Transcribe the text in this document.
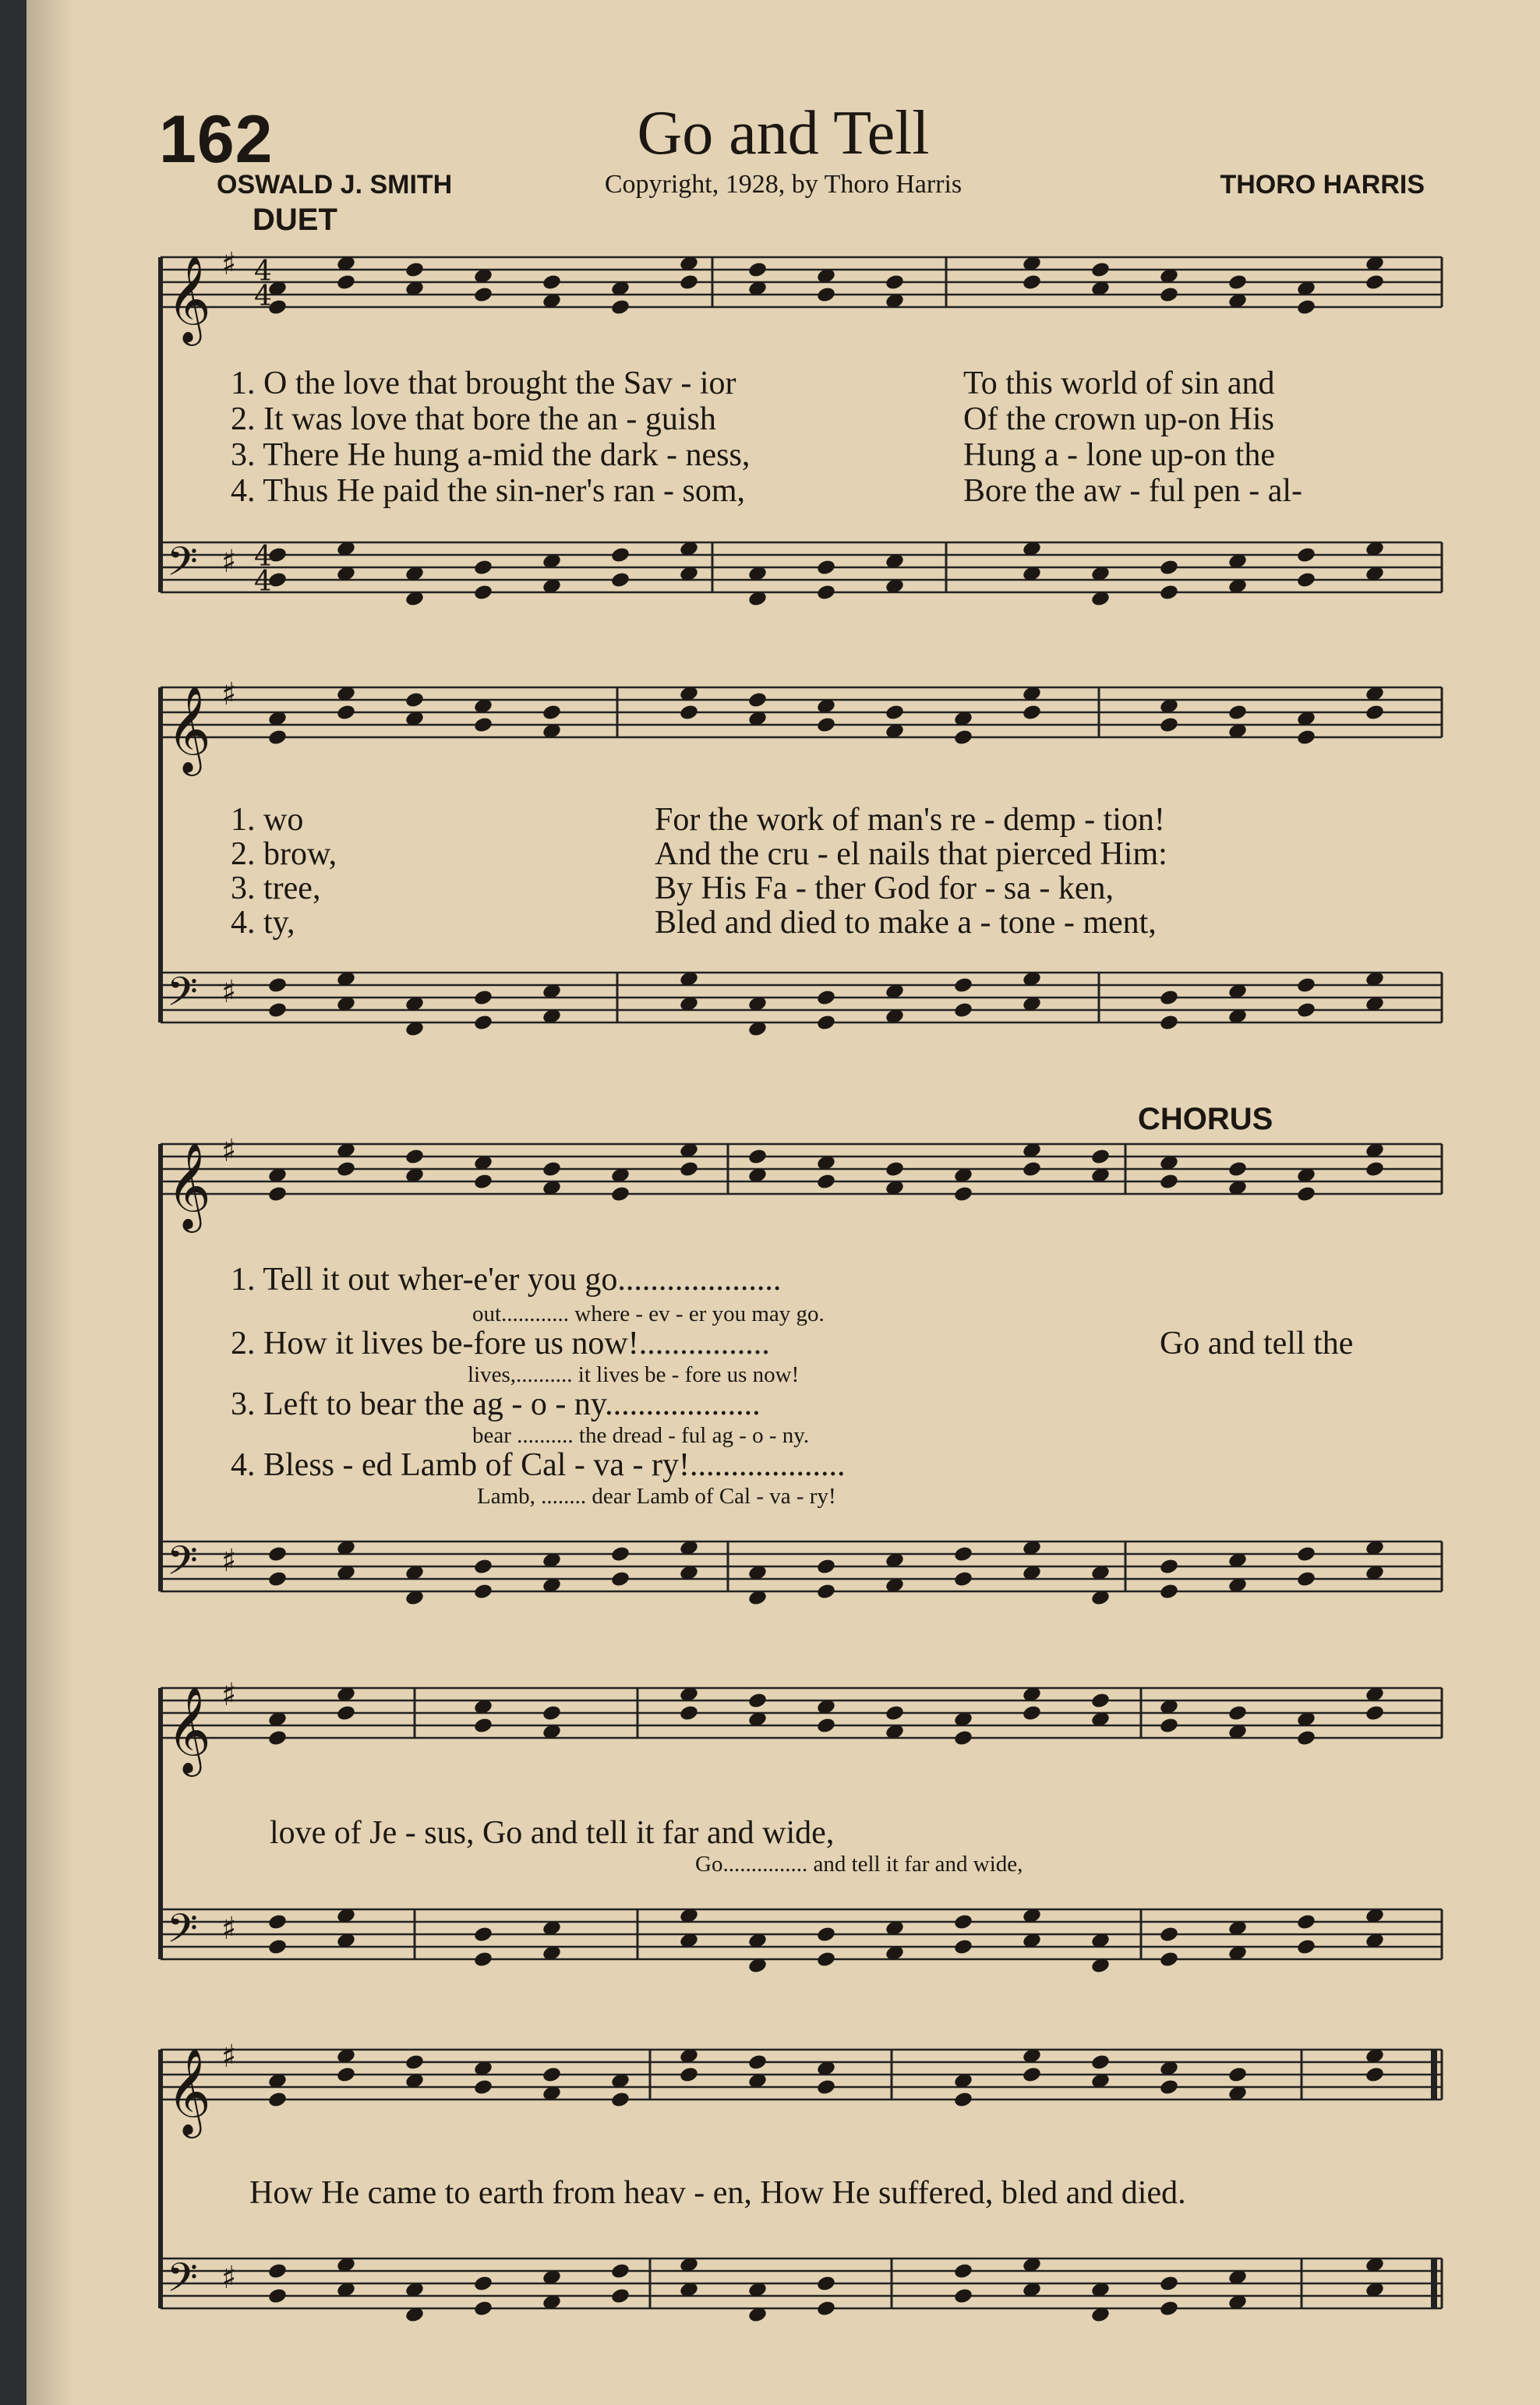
𝄞
𝄢
♯
♯
𝄞
𝄢
♯
♯
𝄞
𝄢
♯
♯
𝄞
𝄢
♯
♯
𝄞
𝄢
♯
♯
4
4
4
4
162	Go and Tell
OSWALD J. SMITH	Copyright, 1928, by Thoro Harris	THORO HARRIS
DUET
CHORUS
1. O the love that brought the Sav - ior
2. It was love that bore the an - guish
3. There He hung a-mid the dark - ness,
4. Thus He paid the sin-ner's ran - som,
To this world of sin and
Of the crown up-on His
Hung a - lone up-on the
Bore the aw - ful pen - al-
1. wo
2. brow,
3. tree,
4. ty,
For the work of man's re - demp - tion!
And the cru - el nails that pierced Him:
By His Fa - ther God for - sa - ken,
Bled and died to make a - tone - ment,
1. Tell it out wher-e'er you go....................
out............ where - ev - er you may go.
2. How it lives be-fore us now!................	Go and tell the
lives,.......... it lives be - fore us now!
3. Left to bear the ag - o - ny...................
bear .......... the dread - ful ag - o - ny.
4. Bless - ed Lamb of Cal - va - ry!...................
Lamb, ........ dear Lamb of Cal - va - ry!
love of Je - sus, Go and tell it far and wide,
Go............... and tell it far and wide,
How He came to earth from heav - en, How He suffered, bled and died.
